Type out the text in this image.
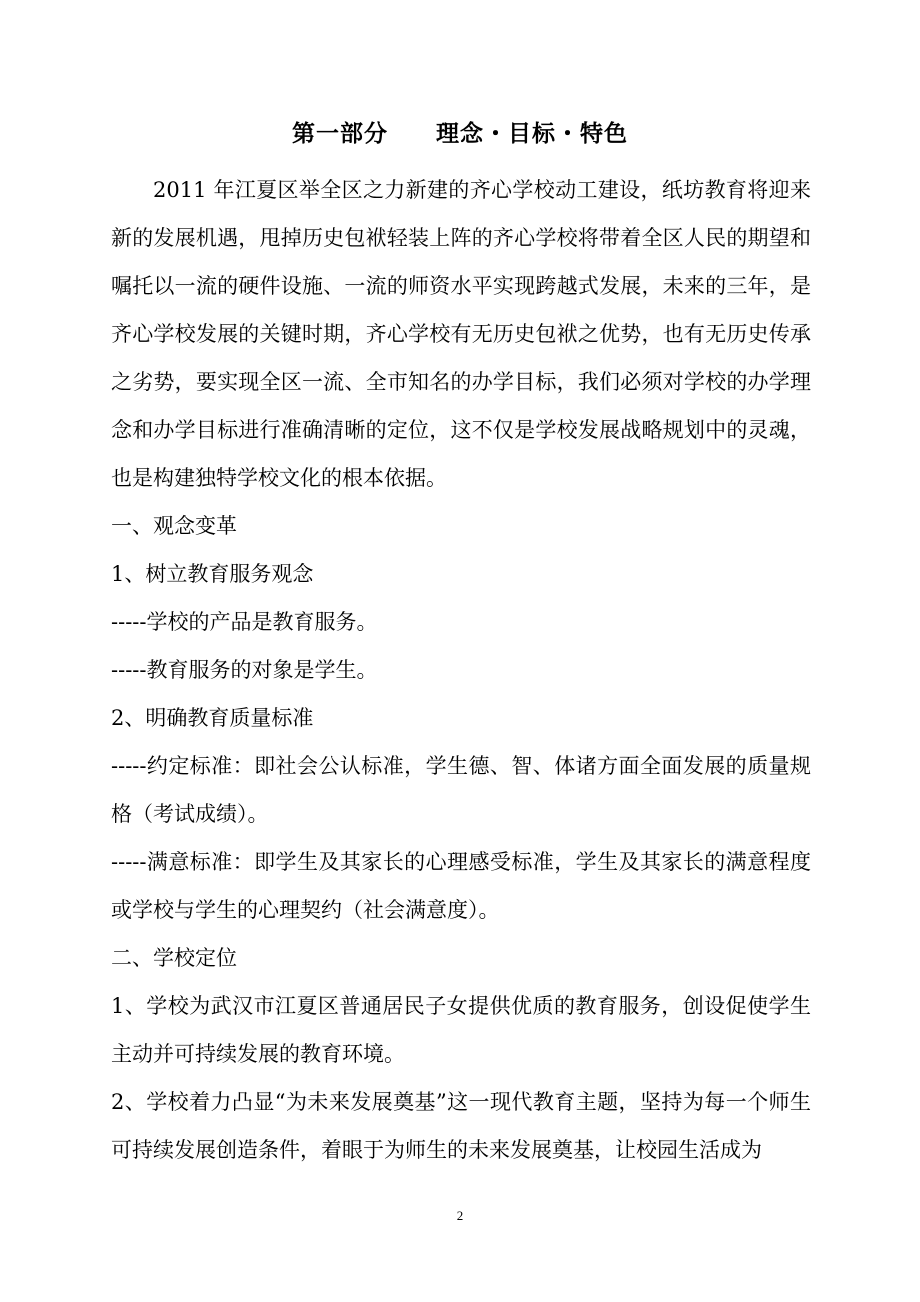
第一部分　　理念・目标・特色

2011 年江夏区举全区之力新建的齐心学校动工建设，纸坊教育将迎来新的发展机遇，甩掉历史包袱轻装上阵的齐心学校将带着全区人民的期望和嘱托以一流的硬件设施、一流的师资水平实现跨越式发展，未来的三年，是齐心学校发展的关键时期，齐心学校有无历史包袱之优势，也有无历史传承之劣势，要实现全区一流、全市知名的办学目标，我们必须对学校的办学理念和办学目标进行准确清晰的定位，这不仅是学校发展战略规划中的灵魂，也是构建独特学校文化的根本依据。

一、观念变革

1、树立教育服务观念

-----学校的产品是教育服务。

-----教育服务的对象是学生。

2、明确教育质量标准

-----约定标准：即社会公认标准，学生德、智、体诸方面全面发展的质量规格（考试成绩）。

-----满意标准：即学生及其家长的心理感受标准，学生及其家长的满意程度或学校与学生的心理契约（社会满意度）。

二、学校定位

1、学校为武汉市江夏区普通居民子女提供优质的教育服务，创设促使学生主动并可持续发展的教育环境。

2、学校着力凸显“为未来发展奠基”这一现代教育主题，坚持为每一个师生可持续发展创造条件，着眼于为师生的未来发展奠基，让校园生活成为

2
